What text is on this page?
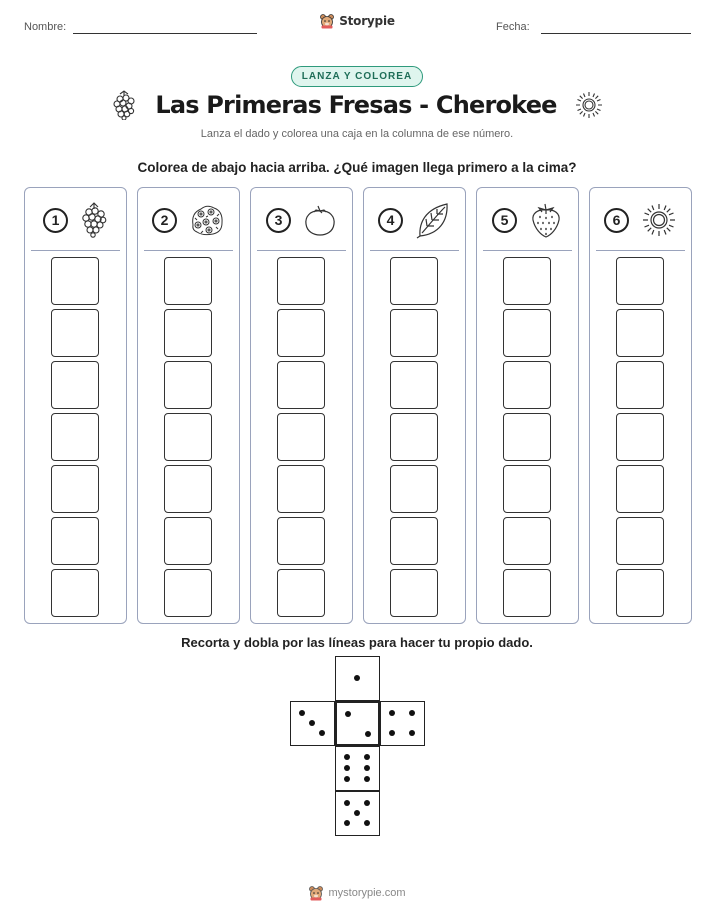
Nombre:	Storypie	Fecha:
LANZA Y COLOREA
Las Primeras Fresas - Cherokee

Lanza el dado y colorea una caja en la columna de ese número.

Colorea de abajo hacia arriba. ¿Qué imagen llega primero a la cima?

1	2	3	4	5	6

Recorta y dobla por las líneas para hacer tu propio dado.

mystorypie.com
